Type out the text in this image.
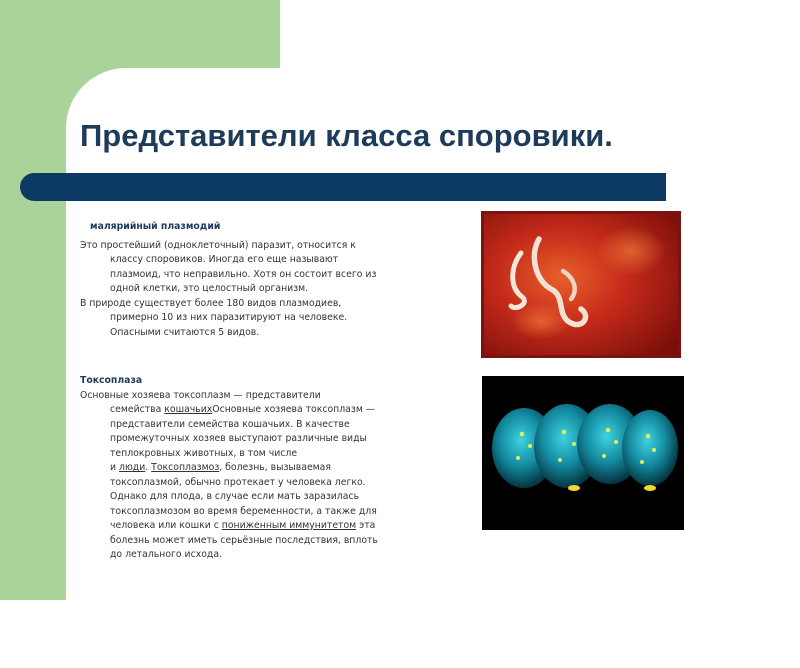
Представители класса споровики.

малярийный плазмодий

Это простейший (одноклеточный) паразит, относится к

классу споровиков. Иногда его еще называют

плазмоид, что неправильно. Хотя он состоит всего из

одной клетки, это целостный организм.

В природе существует более 180 видов плазмодиев,

примерно 10 из них паразитируют на человеке.

Опасными считаются 5 видов.

Токсоплаза

Основные хозяева токсоплазм — представители

семейства кошачьихОсновные хозяева токсоплазм —

представители семейства кошачьих. В качестве

промежуточных хозяев выступают различные виды

теплокровных животных, в том числе

и люди. Токсоплазмоз, болезнь, вызываемая

токсоплазмой, обычно протекает у человека легко.

Однако для плода, в случае если мать заразилась

токсоплазмозом во время беременности, а также для

человека или кошки с пониженным иммунитетом эта

болезнь может иметь серьёзные последствия, вплоть

до летального исхода.
